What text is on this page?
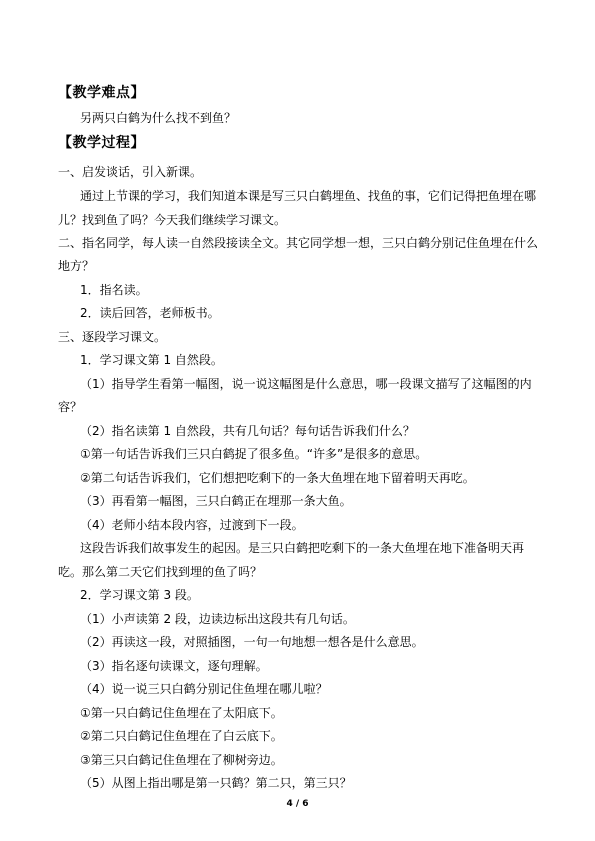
【教学难点】
另两只白鹤为什么找不到鱼？
【教学过程】
一、启发谈话，引入新课。
通过上节课的学习，我们知道本课是写三只白鹤埋鱼、找鱼的事，它们记得把鱼埋在哪
儿？找到鱼了吗？今天我们继续学习课文。
二、指名同学，每人读一自然段接读全文。其它同学想一想，三只白鹤分别记住鱼埋在什么
地方？
1．指名读。
2．读后回答，老师板书。
三、逐段学习课文。
1．学习课文第 1 自然段。
（1）指导学生看第一幅图，说一说这幅图是什么意思，哪一段课文描写了这幅图的内
容？
（2）指名读第 1 自然段，共有几句话？每句话告诉我们什么？
①第一句话告诉我们三只白鹤捉了很多鱼。“许多”是很多的意思。
②第二句话告诉我们，它们想把吃剩下的一条大鱼埋在地下留着明天再吃。
（3）再看第一幅图，三只白鹤正在埋那一条大鱼。
（4）老师小结本段内容，过渡到下一段。
这段告诉我们故事发生的起因。是三只白鹤把吃剩下的一条大鱼埋在地下准备明天再
吃。那么第二天它们找到埋的鱼了吗？
2．学习课文第 3 段。
（1）小声读第 2 段，边读边标出这段共有几句话。
（2）再读这一段，对照插图，一句一句地想一想各是什么意思。
（3）指名逐句读课文，逐句理解。
（4）说一说三只白鹤分别记住鱼埋在哪儿啦？
①第一只白鹤记住鱼埋在了太阳底下。
②第二只白鹤记住鱼埋在了白云底下。
③第三只白鹤记住鱼埋在了柳树旁边。
（5）从图上指出哪是第一只鹤？第二只，第三只？
4 / 6
